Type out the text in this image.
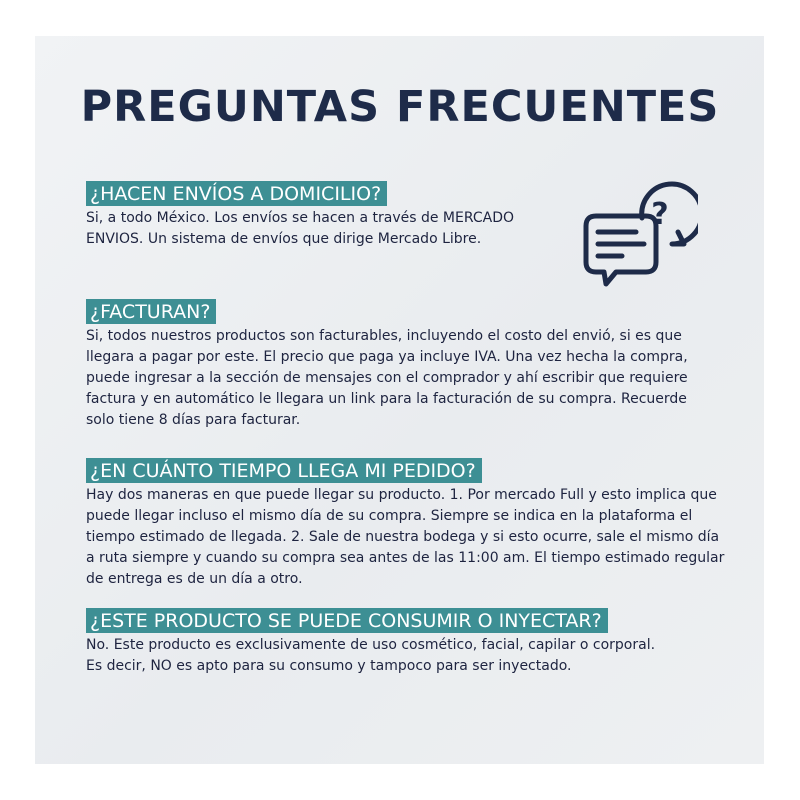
PREGUNTAS FRECUENTES
?
¿HACEN ENVÍOS A DOMICILIO?
Si, a todo México. Los envíos se hacen a través de MERCADO
ENVIOS. Un sistema de envíos que dirige Mercado Libre.
¿FACTURAN?
Si, todos nuestros productos son facturables, incluyendo el costo del envió, si es que
llegara a pagar por este. El precio que paga ya incluye IVA. Una vez hecha la compra,
puede ingresar a la sección de mensajes con el comprador y ahí escribir que requiere
factura y en automático le llegara un link para la facturación de su compra. Recuerde
solo tiene 8 días para facturar.
¿EN CUÁNTO TIEMPO LLEGA MI PEDIDO?
Hay dos maneras en que puede llegar su producto. 1. Por mercado Full y esto implica que
puede llegar incluso el mismo día de su compra. Siempre se indica en la plataforma el
tiempo estimado de llegada. 2. Sale de nuestra bodega y si esto ocurre, sale el mismo día
a ruta siempre y cuando su compra sea antes de las 11:00 am. El tiempo estimado regular
de entrega es de un día a otro.
¿ESTE PRODUCTO SE PUEDE CONSUMIR O INYECTAR?
No. Este producto es exclusivamente de uso cosmético, facial, capilar o corporal.
Es decir, NO es apto para su consumo y tampoco para ser inyectado.
